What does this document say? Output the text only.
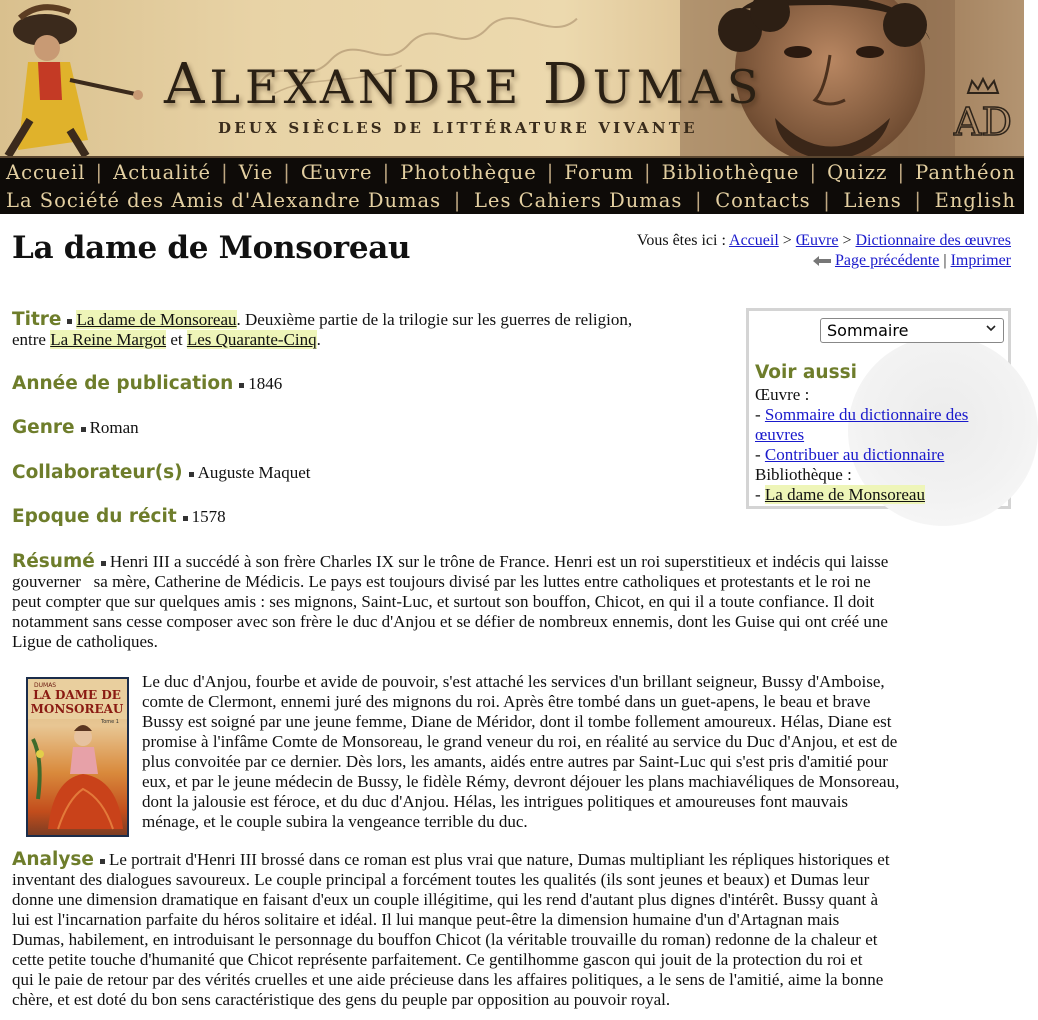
AD
ALEXANDRE DUMAS
DEUX SIÈCLES DE LITTÉRATURE VIVANTE
Accueil | Actualité | Vie | Œuvre | Photothèque | Forum | Bibliothèque | Quizz | Panthéon
La Société des Amis d'Alexandre Dumas | Les Cahiers Dumas | Contacts | Liens | English
La dame de Monsoreau	Vous êtes ici : Accueil > Œuvre > Dictionnaire des œuvres
Page précédente | Imprimer
Titre La dame de Monsoreau. Deuxième partie de la trilogie sur les guerres de religion,
entre La Reine Margot et Les Quarante-Cinq.
Année de publication 1846
Genre Roman
Collaborateur(s) Auguste Maquet
Epoque du récit 1578
Résumé Henri III a succédé à son frère Charles IX sur le trône de France. Henri est un roi superstitieux et indécis qui laisse
gouverner   sa mère, Catherine de Médicis. Le pays est toujours divisé par les luttes entre catholiques et protestants et le roi ne
peut compter que sur quelques amis : ses mignons, Saint-Luc, et surtout son bouffon, Chicot, en qui il a toute confiance. Il doit
notamment sans cesse composer avec son frère le duc d'Anjou et se défier de nombreux ennemis, dont les Guise qui ont créé une
Ligue de catholiques.
DUMAS
LA DAME DE
MONSOREAU
Tome 1
Le duc d'Anjou, fourbe et avide de pouvoir, s'est attaché les services d'un brillant seigneur, Bussy d'Amboise,
comte de Clermont, ennemi juré des mignons du roi. Après être tombé dans un guet-apens, le beau et brave
Bussy est soigné par une jeune femme, Diane de Méridor, dont il tombe follement amoureux. Hélas, Diane est
promise à l'infâme Comte de Monsoreau, le grand veneur du roi, en réalité au service du Duc d'Anjou, et est de
plus convoitée par ce dernier. Dès lors, les amants, aidés entre autres par Saint-Luc qui s'est pris d'amitié pour
eux, et par le jeune médecin de Bussy, le fidèle Rémy, devront déjouer les plans machiavéliques de Monsoreau,
dont la jalousie est féroce, et du duc d'Anjou. Hélas, les intrigues politiques et amoureuses font mauvais
ménage, et le couple subira la vengeance terrible du duc.
Analyse Le portrait d'Henri III brossé dans ce roman est plus vrai que nature, Dumas multipliant les répliques historiques et
inventant des dialogues savoureux. Le couple principal a forcément toutes les qualités (ils sont jeunes et beaux) et Dumas leur
donne une dimension dramatique en faisant d'eux un couple illégitime, qui les rend d'autant plus dignes d'intérêt. Bussy quant à
lui est l'incarnation parfaite du héros solitaire et idéal. Il lui manque peut-être la dimension humaine d'un d'Artagnan mais
Dumas, habilement, en introduisant le personnage du bouffon Chicot (la véritable trouvaille du roman) redonne de la chaleur et
cette petite touche d'humanité que Chicot représente parfaitement. Ce gentilhomme gascon qui jouit de la protection du roi et
qui le paie de retour par des vérités cruelles et une aide précieuse dans les affaires politiques, a le sens de l'amitié, aime la bonne
chère, et est doté du bon sens caractéristique des gens du peuple par opposition au pouvoir royal.
Sommaire
Voir aussi
Œuvre :
- Sommaire du dictionnaire des œuvres
- Contribuer au dictionnaire
Bibliothèque :
- La dame de Monsoreau
